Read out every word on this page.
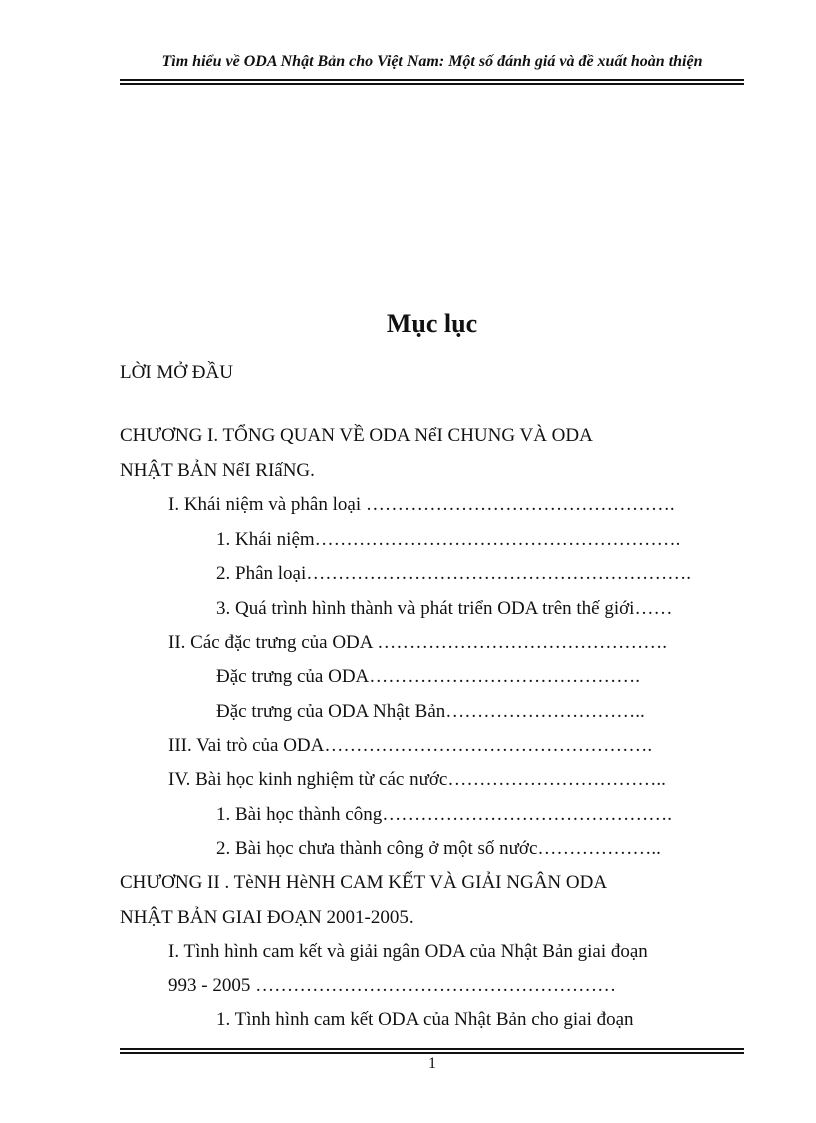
Tìm hiểu về ODA Nhật Bản cho Việt Nam: Một số đánh giá và đề xuất hoàn thiện
Mục lục
LỜI MỞ ĐẦU
CHƯƠNG I. TỔNG QUAN VỀ ODA NểI CHUNG VÀ ODA
NHẬT BẢN NểI RIấNG.
I. Khái niệm và phân loại ………………………………………….
1. Khái niệm………………………………………………….
2. Phân loại…………………………………………………….
3. Quá trình hình thành và phát triển ODA trên thế giới……
II. Các đặc trưng của ODA ……………………………………….
Đặc trưng của ODA…………………………………….
Đặc trưng của ODA Nhật Bản…………………………..
III. Vai trò của ODA…………………………………………….
IV. Bài học kinh nghiệm từ các nước……………………………..
1. Bài học thành công……………………………………….
2. Bài học chưa thành công ở một số nước………………..
CHƯƠNG II . TèNH HèNH CAM KẾT VÀ GIẢI NGÂN ODA
NHẬT BẢN GIAI ĐOẠN 2001-2005.
I. Tình hình cam kết và giải ngân ODA của Nhật Bản giai đoạn
993 - 2005 …………………………………………………
1. Tình hình cam kết ODA của Nhật Bản cho giai đoạn
1
